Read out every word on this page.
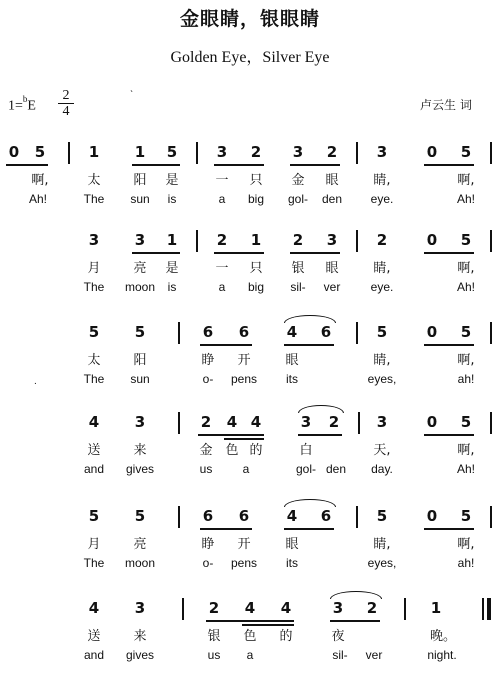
金眼睛，银眼睛
Golden Eye，Silver Eye
1=$^b$E
2
4	卢云生 词
ˋ
.
0	5	1	1	5	3	2	3	2	3	0	5
啊,	太	阳 是	一 只 金 眼	睛,	啊,
Ah!	The	sun	is	a	big	gol-	den	eye.	Ah!
3	3	1	2	1	2	3	2	0	5
月	亮 是	一 只 银 眼	睛,	啊,
The	moon	is	a	big	sil-	ver	eye.	Ah!
5	5	6	6	4	6	5	0	5
太	阳	睁 开	眼	睛,	啊,
The	sun	o-	pens	its	eyes,	ah!
4	3	2	4 4	3	2	3	0	5
送	来	金 色 的	白	天,	啊,
and	gives	us	a	gol- den	day.	Ah!
5	5	6	6	4	6	5	0	5
月	亮	睁 开	眼	睛,	啊,
The	moon	o-	pens	its	eyes,	ah!
4	3	2	4	4	3	2	1
送	来	银 色 的	夜	晚。
and	gives	us	a	sil-	ver	night.
